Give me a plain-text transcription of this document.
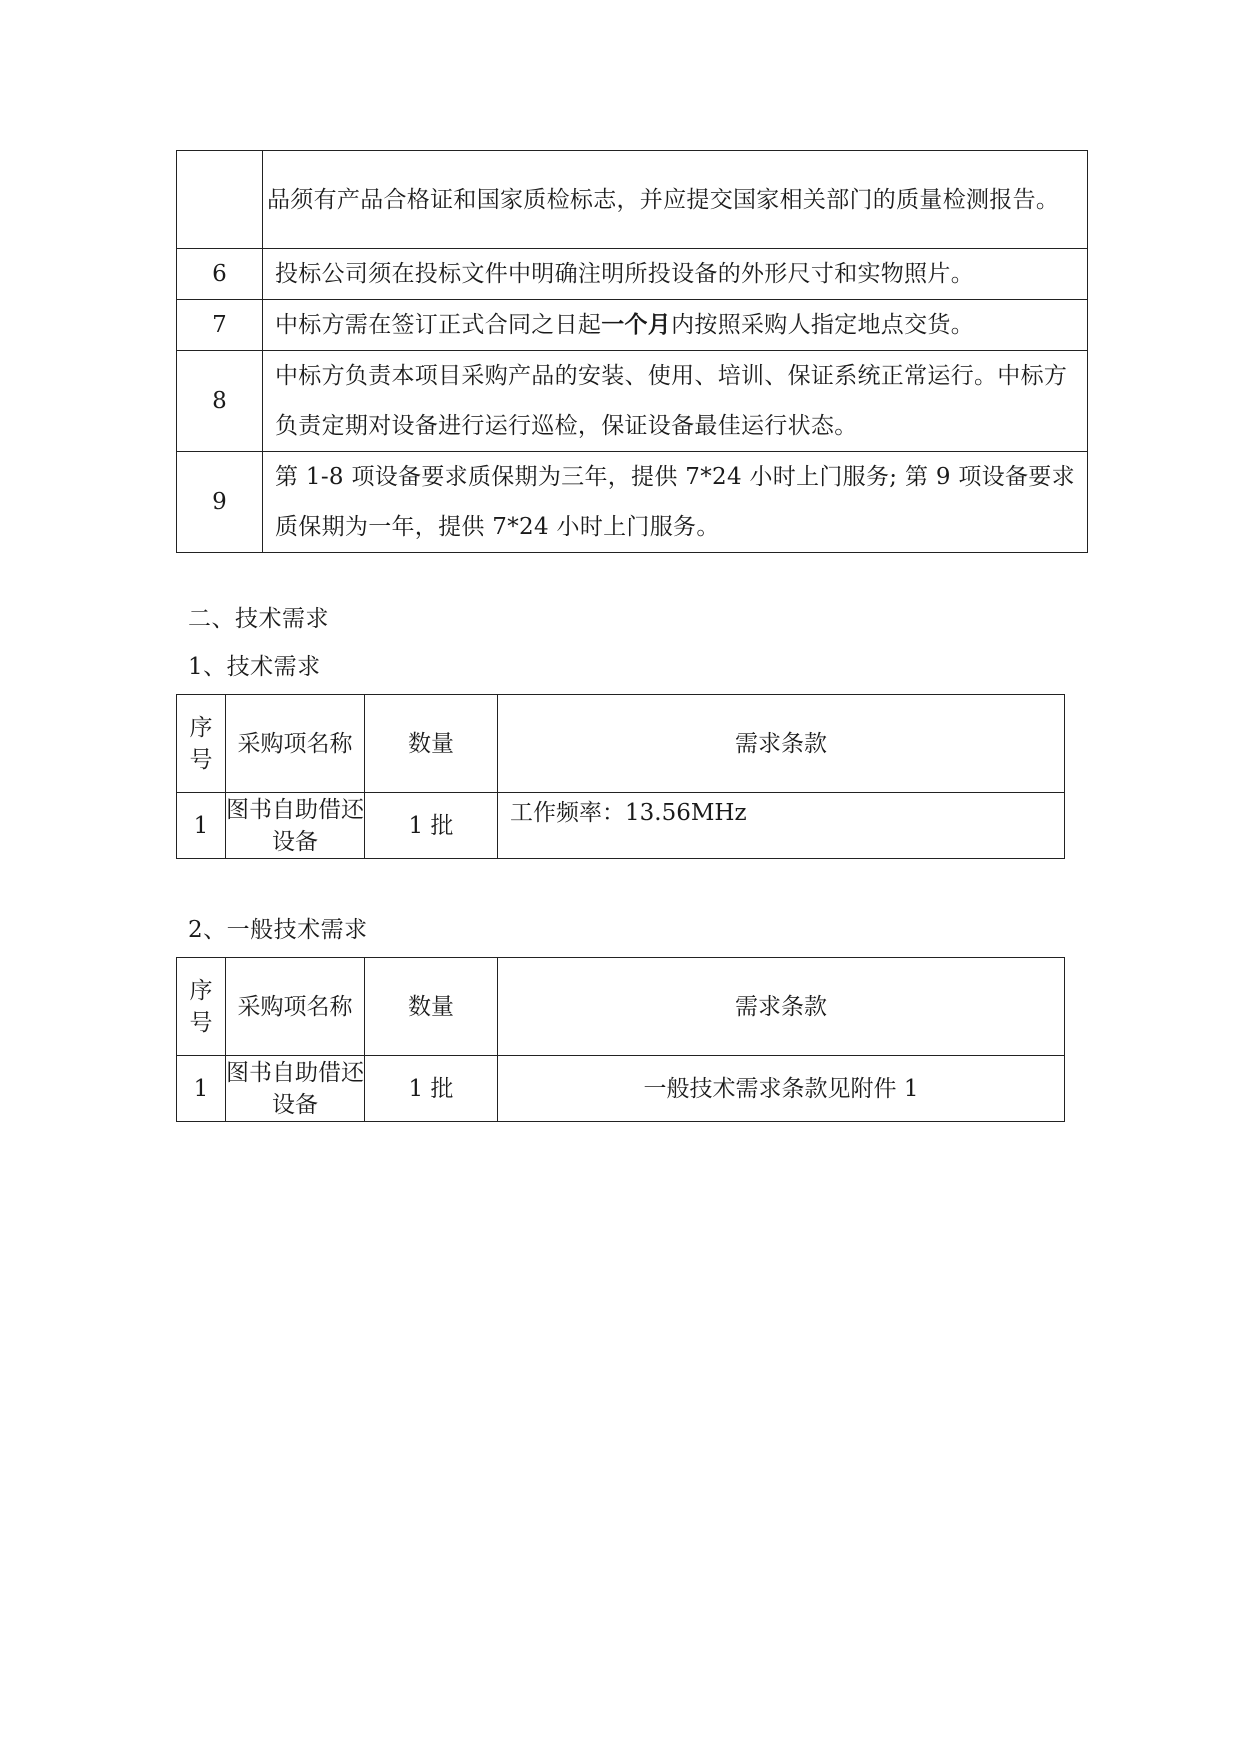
	品须有产品合格证和国家质检标志，并应提交国家相关部门的质量检测报告。
6	投标公司须在投标文件中明确注明所投设备的外形尺寸和实物照片。
7	中标方需在签订正式合同之日起一个月内按照采购人指定地点交货。
8	中标方负责本项目采购产品的安装、使用、培训、保证系统正常运行。中标方负责定期对设备进行运行巡检，保证设备最佳运行状态。
9	第 1-8 项设备要求质保期为三年，提供 7*24 小时上门服务; 第 9 项设备要求质保期为一年，提供 7*24 小时上门服务。
二、技术需求
1、技术需求
序号	采购项名称	数量	需求条款
1	图书自助借还设备	1 批	工作频率：13.56MHz
2、一般技术需求
序号	采购项名称	数量	需求条款
1	图书自助借还设备	1 批	一般技术需求条款见附件 1
